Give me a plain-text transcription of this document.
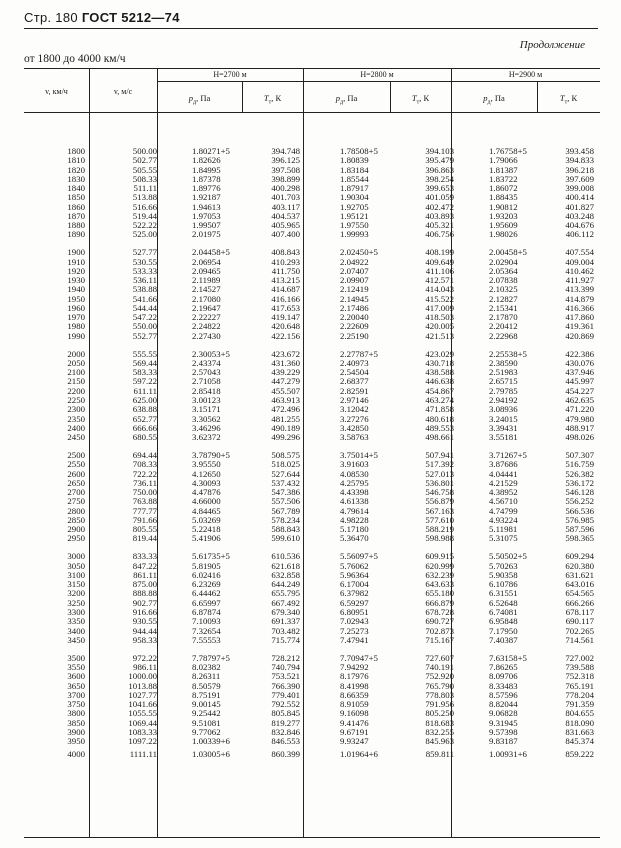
Стр. 180 ГОСТ 5212—74
Продолжение
от 1800 до 4000 км/ч
v, км/ч	v, м/с
H=2700 м	H=2800 м	H=2900 м
$p_д$, Па	$T_т$, К	$p_д$, Па	$T_т$, К	$p_д$, Па	$T_т$, К
1800	500.00	1.80271+5	394.748	1.78508+5	394.103	1.76758+5	393.458
1810	502.77	1.82626	396.125	1.80839	395.479	1.79066	394.833
1820	505.55	1.84995	397.508	1.83184	396.863	1.81387	396.218
1830	508.33	1.87378	398.899	1.85544	398.254	1.83722	397.609
1840	511.11	1.89776	400.298	1.87917	399.653	1.86072	399.008
1850	513.88	1.92187	401.703	1.90304	401.059	1.88435	400.414
1860	516.66	1.94613	403.117	1.92705	402.472	1.90812	401.827
1870	519.44	1.97053	404.537	1.95121	403.893	1.93203	403.248
1880	522.22	1.99507	405.965	1.97550	405.321	1.95609	404.676
1890	525.00	2.01975	407.400	1.99993	406.756	1.98026	406.112
1900	527.77	2.04458+5	408.843	2.02450+5	408.199	2.00458+5	407.554
1910	530.55	2.06954	410.293	2.04922	409.649	2.02904	409.004
1920	533.33	2.09465	411.750	2.07407	411.106	2.05364	410.462
1930	536.11	2.11989	413.215	2.09907	412.571	2.07838	411.927
1940	538.88	2.14527	414.687	2.12419	414.043	2.10325	413.399
1950	541.66	2.17080	416.166	2.14945	415.522	2.12827	414.879
1960	544.44	2.19647	417.653	2.17486	417.009	2.15341	416.366
1970	547.22	2.22227	419.147	2.20040	418.503	2.17870	417.860
1980	550.00	2.24822	420.648	2.22609	420.005	2.20412	419.361
1990	552.77	2.27430	422.156	2.25190	421.513	2.22968	420.869
2000	555.55	2.30053+5	423.672	2.27787+5	423.029	2.25538+5	422.386
2050	569.44	2.43374	431.360	2.40973	430.718	2.38590	430.076
2100	583.33	2.57043	439.229	2.54504	438.588	2.51983	437.946
2150	597.22	2.71058	447.279	2.68377	446.638	2.65715	445.997
2200	611.11	2.85418	455.507	2.82591	454.867	2.79785	454.227
2250	625.00	3.00123	463.913	2.97146	463.274	2.94192	462.635
2300	638.88	3.15171	472.496	3.12042	471.858	3.08936	471.220
2350	652.77	3.30562	481.255	3.27276	480.618	3.24015	479.980
2400	666.66	3.46296	490.189	3.42850	489.553	3.39431	488.917
2450	680.55	3.62372	499.296	3.58763	498.661	3.55181	498.026
2500	694.44	3.78790+5	508.575	3.75014+5	507.941	3.71267+5	507.307
2550	708.33	3.95550	518.025	3.91603	517.392	3.87686	516.759
2600	722.22	4.12650	527.644	4.08530	527.013	4.04441	526.382
2650	736.11	4.30093	537.432	4.25795	536.801	4.21529	536.172
2700	750.00	4.47876	547.386	4.43398	546.758	4.38952	546.128
2750	763.88	4.66000	557.506	4.61338	556.879	4.56710	556.252
2800	777.77	4.84465	567.789	4.79614	567.163	4.74799	566.536
2850	791.66	5.03269	578.234	4.98228	577.610	4.93224	576.985
2900	805.55	5.22418	588.843	5.17180	588.219	5.11981	587.596
2950	819.44	5.41906	599.610	5.36470	598.988	5.31075	598.365
3000	833.33	5.61735+5	610.536	5.56097+5	609.915	5.50502+5	609.294
3050	847.22	5.81905	621.618	5.76062	620.999	5.70263	620.380
3100	861.11	6.02416	632.858	5.96364	632.239	5.90358	631.621
3150	875.00	6.23269	644.249	6.17004	643.633	6.10786	643.016
3200	888.88	6.44462	655.795	6.37982	655.180	6.31551	654.565
3250	902.77	6.65997	667.492	6.59297	666.879	6.52648	666.266
3300	916.66	6.87874	679.340	6.80951	678.728	6.74081	678.117
3350	930.55	7.10093	691.337	7.02943	690.727	6.95848	690.117
3400	944.44	7.32654	703.482	7.25273	702.873	7.17950	702.265
3450	958.33	7.55553	715.774	7.47941	715.167	7.40387	714.561
3500	972.22	7.78797+5	728.212	7.70947+5	727.607	7.63158+5	727.002
3550	986.11	8.02382	740.794	7.94292	740.191	7.86265	739.588
3600	1000.00	8.26311	753.521	8.17976	752.920	8.09706	752.318
3650	1013.88	8.50579	766.390	8.41998	765.790	8.33483	765.191
3700	1027.77	8.75191	779.401	8.66359	778.803	8.57596	778.204
3750	1041.66	9.00145	792.552	8.91059	791.956	8.82044	791.359
3800	1055.55	9.25442	805.845	9.16098	805.250	9.06828	804.655
3850	1069.44	9.51081	819.277	9.41476	818.683	9.31945	818.090
3900	1083.33	9.77062	832.846	9.67191	832.255	9.57398	831.663
3950	1097.22	1.00339+6	846.553	9.93247	845.963	9.83187	845.374
4000	1111.11	1.03005+6	860.399	1.01964+6	859.811	1.00931+6	859.222
